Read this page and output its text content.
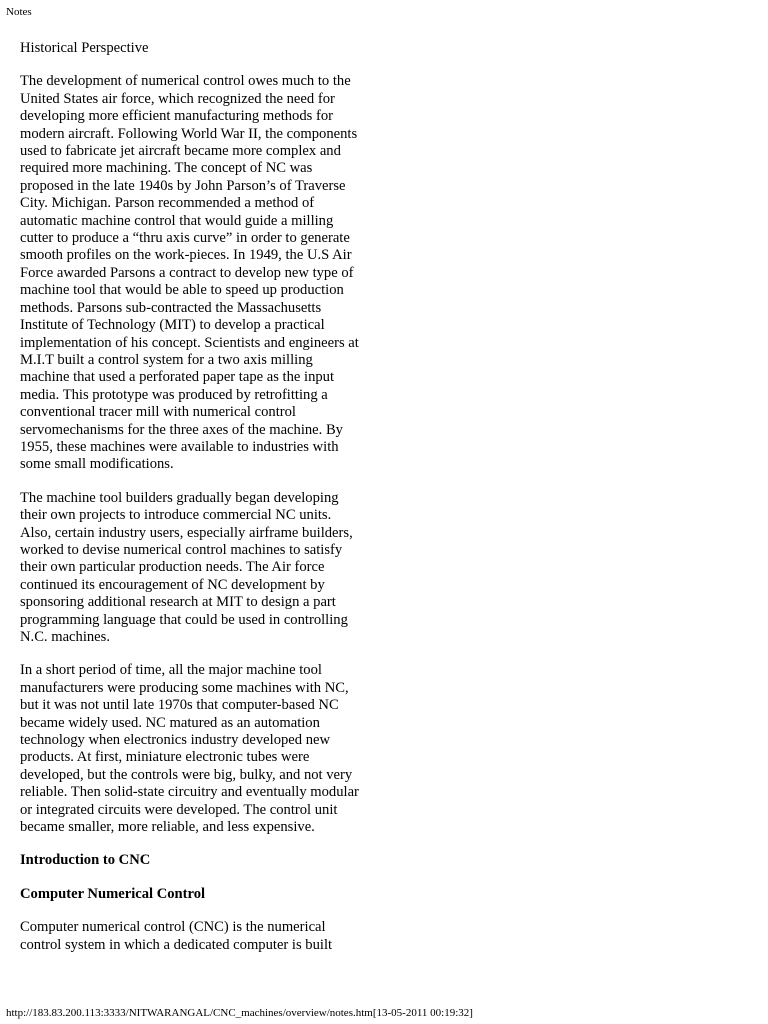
Notes

Historical Perspective

The development of numerical control owes much to the United States air force, which recognized the need for developing more efficient manufacturing methods for modern aircraft. Following World War II, the components used to fabricate jet aircraft became more complex and required more machining. The concept of NC was proposed in the late 1940s by John Parson’s of Traverse City. Michigan. Parson recommended a method of automatic machine control that would guide a milling cutter to produce a “thru axis curve” in order to generate smooth profiles on the work-pieces. In 1949, the U.S Air Force awarded Parsons a contract to develop new type of machine tool that would be able to speed up production methods. Parsons sub-contracted the Massachusetts Institute of Technology (MIT) to develop a practical implementation of his concept. Scientists and engineers at M.I.T built a control system for a two axis milling machine that used a perforated paper tape as the input media. This prototype was produced by retrofitting a conventional tracer mill with numerical control servomechanisms for the three axes of the machine. By 1955, these machines were available to industries with some small modifications.

The machine tool builders gradually began developing their own projects to introduce commercial NC units. Also, certain industry users, especially airframe builders, worked to devise numerical control machines to satisfy their own particular production needs. The Air force continued its encouragement of NC development by sponsoring additional research at MIT to design a part programming language that could be used in controlling N.C. machines.

In a short period of time, all the major machine tool manufacturers were producing some machines with NC, but it was not until late 1970s that computer-based NC became widely used. NC matured as an automation technology when electronics industry developed new products. At first, miniature electronic tubes were developed, but the controls were big, bulky, and not very reliable. Then solid-state circuitry and eventually modular or integrated circuits were developed. The control unit became smaller, more reliable, and less expensive.

Introduction to CNC

Computer Numerical Control

Computer numerical control (CNC) is the numerical control system in which a dedicated computer is built

http://183.83.200.113:3333/NITWARANGAL/CNC_machines/overview/notes.htm[13-05-2011 00:19:32]
